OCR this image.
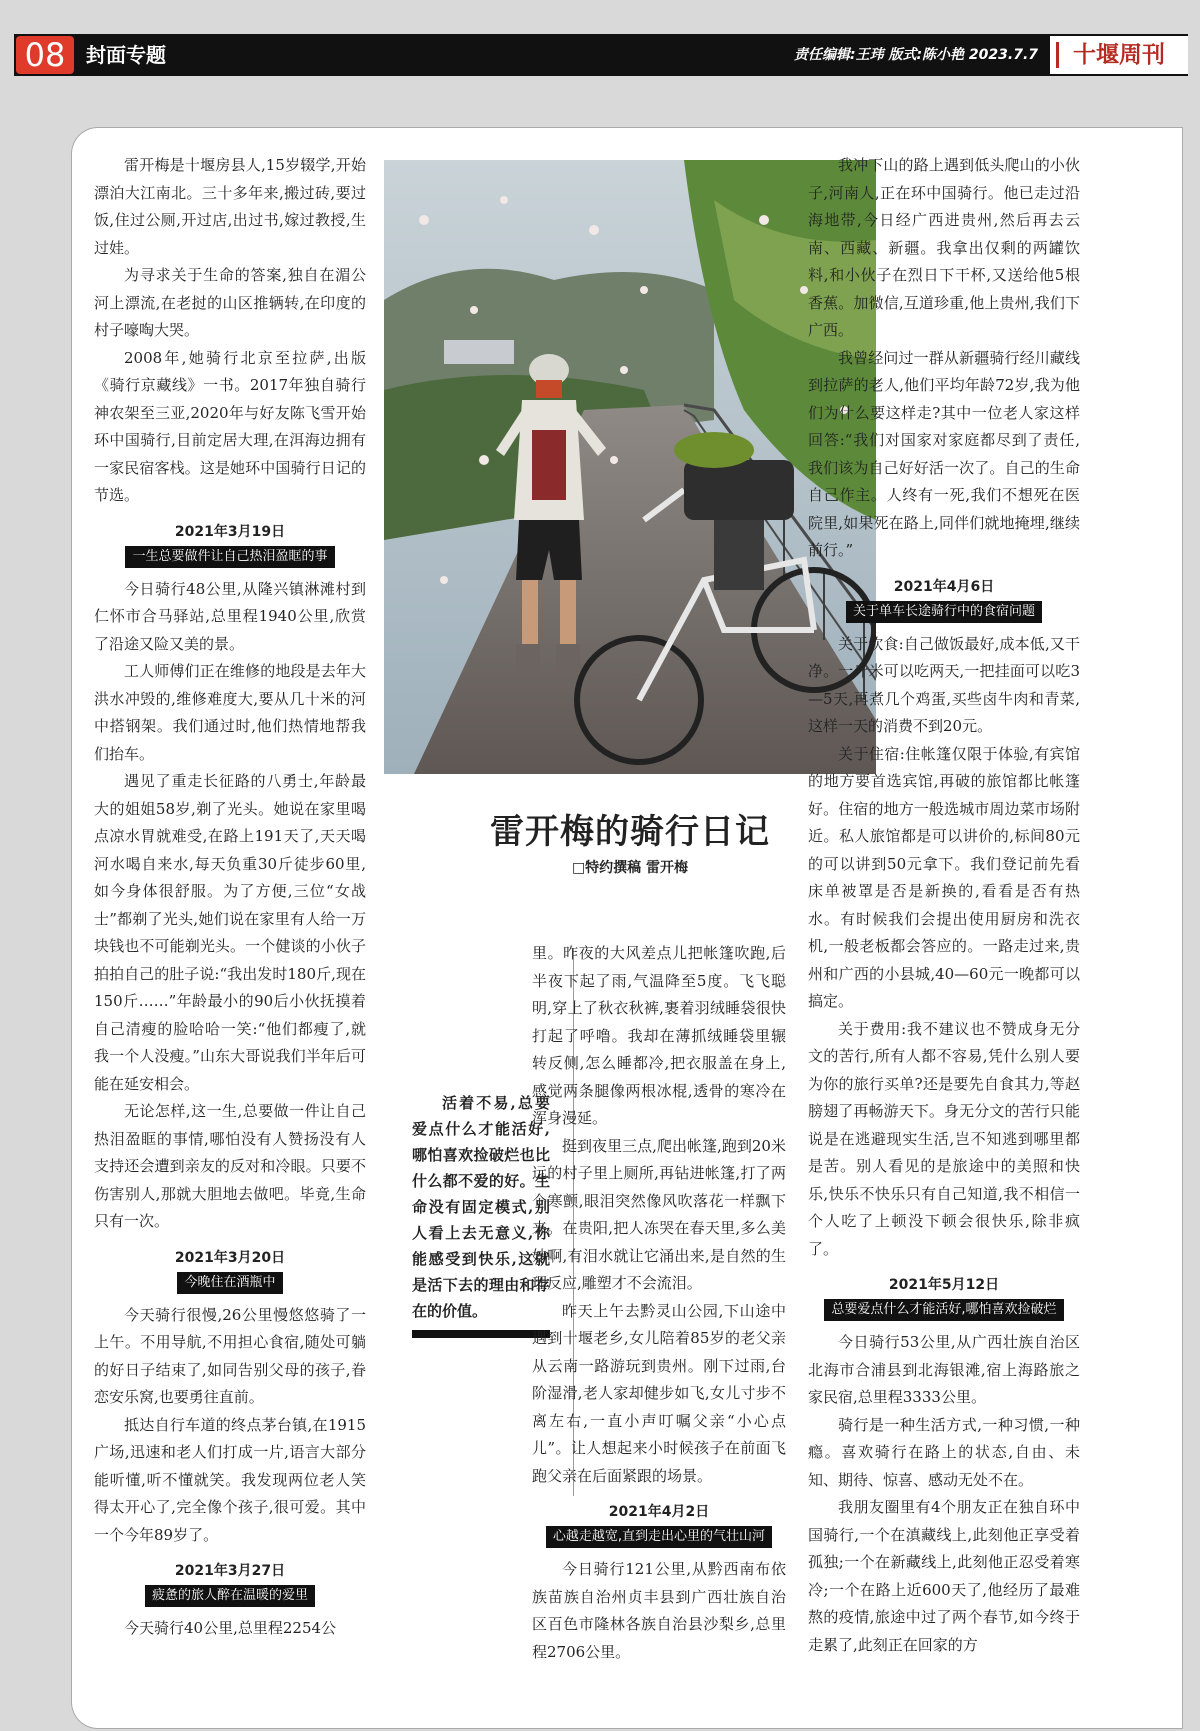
08	封面专题	责任编辑:王玮 版式:陈小艳 2023.7.7	十堰周刊

雷开梅是十堰房县人,15岁辍学,开始漂泊大江南北。三十多年来,搬过砖,要过饭,住过公厕,开过店,出过书,嫁过教授,生过娃。

为寻求关于生命的答案,独自在湄公河上漂流,在老挝的山区推辆转,在印度的村子嚎啕大哭。

2008年,她骑行北京至拉萨,出版《骑行京藏线》一书。2017年独自骑行神农架至三亚,2020年与好友陈飞雪开始环中国骑行,目前定居大理,在洱海边拥有一家民宿客栈。这是她环中国骑行日记的节选。

2021年3月19日
一生总要做件让自己热泪盈眶的事

今日骑行48公里,从隆兴镇淋滩村到仁怀市合马驿站,总里程1940公里,欣赏了沿途又险又美的景。

工人师傅们正在维修的地段是去年大洪水冲毁的,维修难度大,要从几十米的河中搭钢架。我们通过时,他们热情地帮我们抬车。

遇见了重走长征路的八勇士,年龄最大的姐姐58岁,剃了光头。她说在家里喝点凉水胃就难受,在路上191天了,天天喝河水喝自来水,每天负重30斤徒步60里,如今身体很舒服。为了方便,三位“女战士”都剃了光头,她们说在家里有人给一万块钱也不可能剃光头。一个健谈的小伙子拍拍自己的肚子说:“我出发时180斤,现在150斤……”年龄最小的90后小伙抚摸着自己清瘦的脸哈哈一笑:“他们都瘦了,就我一个人没瘦。”山东大哥说我们半年后可能在延安相会。

无论怎样,这一生,总要做一件让自己热泪盈眶的事情,哪怕没有人赞扬没有人支持还会遭到亲友的反对和冷眼。只要不伤害别人,那就大胆地去做吧。毕竟,生命只有一次。

2021年3月20日
今晚住在酒瓶中

今天骑行很慢,26公里慢悠悠骑了一上午。不用导航,不用担心食宿,随处可躺的好日子结束了,如同告别父母的孩子,眷恋安乐窝,也要勇往直前。

抵达自行车道的终点茅台镇,在1915广场,迅速和老人们打成一片,语言大部分能听懂,听不懂就笑。我发现两位老人笑得太开心了,完全像个孩子,很可爱。其中一个今年89岁了。

2021年3月27日
疲惫的旅人醉在温暖的爱里

今天骑行40公里,总里程2254公

雷开梅的骑行日记
□特约撰稿 雷开梅

活着不易,总要爱点什么才能活好,哪怕喜欢捡破烂也比什么都不爱的好。生命没有固定模式,别人看上去无意义,你能感受到快乐,这就是活下去的理由和存在的价值。

里。昨夜的大风差点儿把帐篷吹跑,后半夜下起了雨,气温降至5度。飞飞聪明,穿上了秋衣秋裤,裹着羽绒睡袋很快打起了呼噜。我却在薄抓绒睡袋里辗转反侧,怎么睡都冷,把衣服盖在身上,感觉两条腿像两根冰棍,透骨的寒冷在浑身漫延。

挺到夜里三点,爬出帐篷,跑到20米远的村子里上厕所,再钻进帐篷,打了两个寒颤,眼泪突然像风吹落花一样飘下来。在贵阳,把人冻哭在春天里,多么美妙啊,有泪水就让它涌出来,是自然的生理反应,雕塑才不会流泪。

昨天上午去黔灵山公园,下山途中遇到十堰老乡,女儿陪着85岁的老父亲从云南一路游玩到贵州。刚下过雨,台阶湿滑,老人家却健步如飞,女儿寸步不离左右,一直小声叮嘱父亲“小心点儿”。让人想起来小时候孩子在前面飞跑父亲在后面紧跟的场景。

2021年4月2日
心越走越宽,直到走出心里的气壮山河

今日骑行121公里,从黔西南布依族苗族自治州贞丰县到广西壮族自治区百色市隆林各族自治县沙梨乡,总里程2706公里。

我冲下山的路上遇到低头爬山的小伙子,河南人,正在环中国骑行。他已走过沿海地带,今日经广西进贵州,然后再去云南、西藏、新疆。我拿出仅剩的两罐饮料,和小伙子在烈日下干杯,又送给他5根香蕉。加微信,互道珍重,他上贵州,我们下广西。

我曾经问过一群从新疆骑行经川藏线到拉萨的老人,他们平均年龄72岁,我为他们为什么要这样走?其中一位老人家这样回答:“我们对国家对家庭都尽到了责任,我们该为自己好好活一次了。自己的生命自己作主。人终有一死,我们不想死在医院里,如果死在路上,同伴们就地掩埋,继续前行。”

2021年4月6日
关于单车长途骑行中的食宿问题

关于饮食:自己做饭最好,成本低,又干净。一斤米可以吃两天,一把挂面可以吃3—5天,再煮几个鸡蛋,买些卤牛肉和青菜,这样一天的消费不到20元。

关于住宿:住帐篷仅限于体验,有宾馆的地方要首选宾馆,再破的旅馆都比帐篷好。住宿的地方一般选城市周边菜市场附近。私人旅馆都是可以讲价的,标间80元的可以讲到50元拿下。我们登记前先看床单被罩是否是新换的,看看是否有热水。有时候我们会提出使用厨房和洗衣机,一般老板都会答应的。一路走过来,贵州和广西的小县城,40—60元一晚都可以搞定。

关于费用:我不建议也不赞成身无分文的苦行,所有人都不容易,凭什么别人要为你的旅行买单?还是要先自食其力,等赵膀翅了再畅游天下。身无分文的苦行只能说是在逃避现实生活,岂不知逃到哪里都是苦。别人看见的是旅途中的美照和快乐,快乐不快乐只有自己知道,我不相信一个人吃了上顿没下顿会很快乐,除非疯了。

2021年5月12日
总要爱点什么才能活好,哪怕喜欢捡破烂

今日骑行53公里,从广西壮族自治区北海市合浦县到北海银滩,宿上海路旅之家民宿,总里程3333公里。

骑行是一种生活方式,一种习惯,一种瘾。喜欢骑行在路上的状态,自由、未知、期待、惊喜、感动无处不在。

我朋友圈里有4个朋友正在独自环中国骑行,一个在滇藏线上,此刻他正享受着孤独;一个在新藏线上,此刻他正忍受着寒冷;一个在路上近600天了,他经历了最难熬的疫情,旅途中过了两个春节,如今终于走累了,此刻正在回家的方
